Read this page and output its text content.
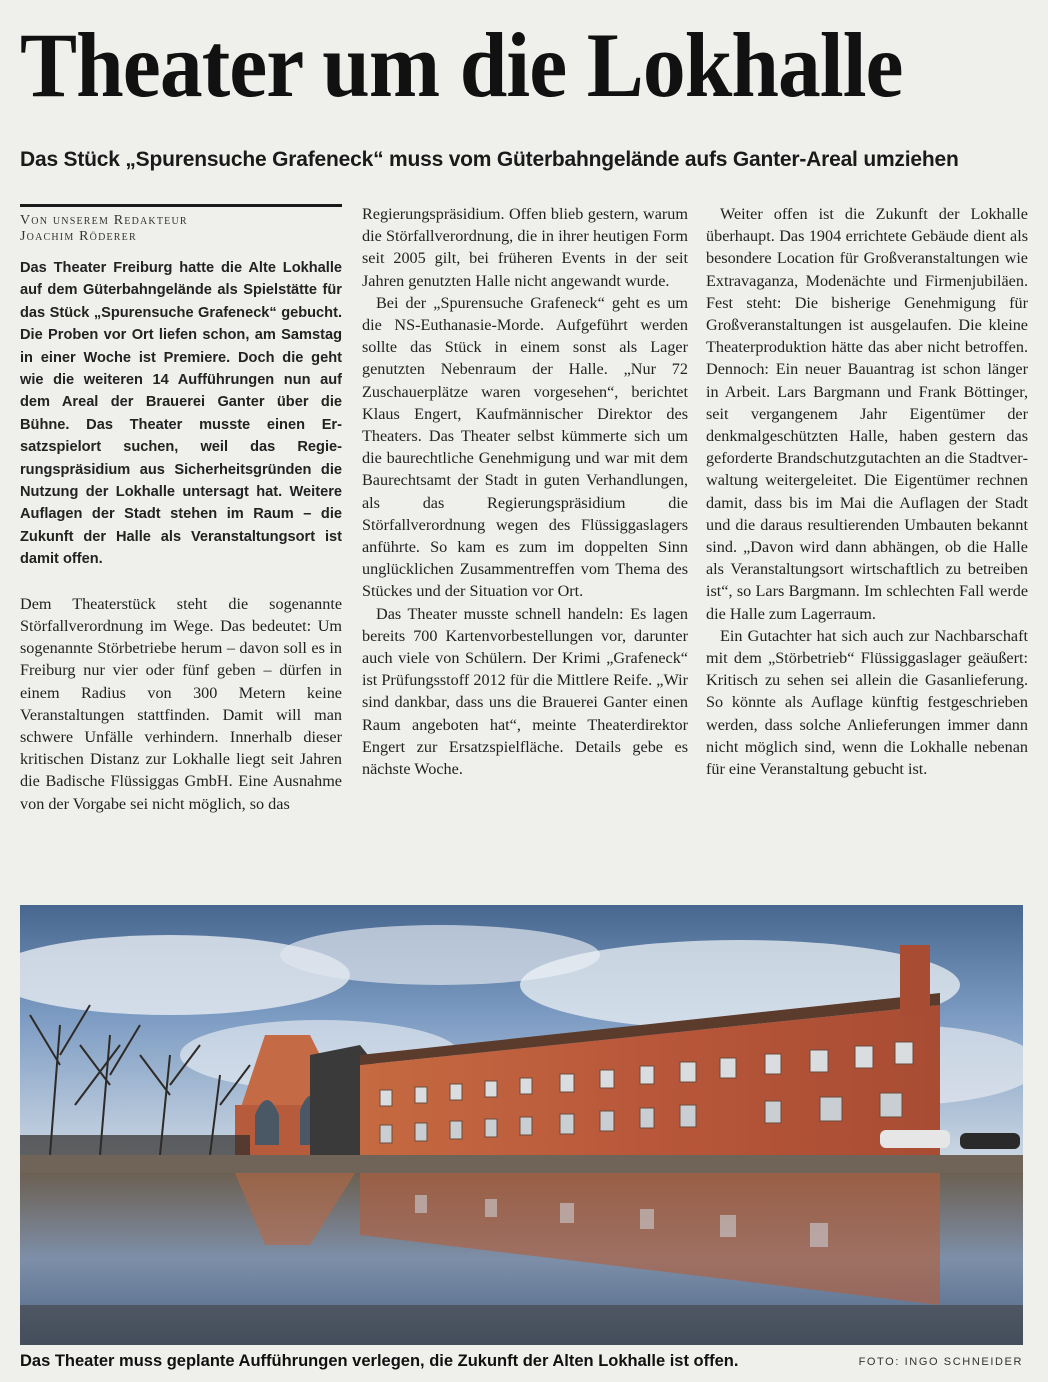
Theater um die Lokhalle
Das Stück „Spurensuche Grafeneck“ muss vom Güterbahngelände aufs Ganter-Areal umziehen
Von unserem Redakteur
Joachim Röderer

Das Theater Freiburg hatte die Alte Lokhalle auf dem Güterbahngelände als Spielstätte für das Stück „Spurensuche Grafeneck“ gebucht. Die Proben vor Ort liefen schon, am Samstag in einer Woche ist Premiere. Doch die geht wie die weiteren 14 Aufführungen nun auf dem Areal der Brauerei Ganter über die Bühne. Das Theater musste einen Ersatzspielort suchen, weil das Regierungspräsidium aus Sicherheitsgründen die Nutzung der Lokhalle untersagt hat. Weitere Auflagen der Stadt stehen im Raum – die Zukunft der Halle als Veranstaltungsort ist damit offen.

Dem Theaterstück steht die sogenannte Störfallverordnung im Wege. Das bedeutet: Um sogenannte Störbetriebe herum – davon soll es in Freiburg nur vier oder fünf geben – dürfen in einem Radius von 300 Metern keine Veranstaltungen stattfinden. Damit will man schwere Unfälle verhindern. Innerhalb dieser kritischen Distanz zur Lokhalle liegt seit Jahren die Badische Flüssiggas GmbH. Eine Ausnahme von der Vorgabe sei nicht möglich, so das

Regierungspräsidium. Offen blieb gestern, warum die Störfallverordnung, die in ihrer heutigen Form seit 2005 gilt, bei früheren Events in der seit Jahren genutzten Halle nicht angewandt wurde.

Bei der „Spurensuche Grafeneck“ geht es um die NS-Euthanasie-Morde. Aufgeführt werden sollte das Stück in einem sonst als Lager genutzten Nebenraum der Halle. „Nur 72 Zuschauerplätze waren vorgesehen“, berichtet Klaus Engert, Kaufmännischer Direktor des Theaters. Das Theater selbst kümmerte sich um die baurechtliche Genehmigung und war mit dem Baurechtsamt der Stadt in guten Verhandlungen, als das Regierungspräsidium die Störfallverordnung wegen des Flüssiggaslagers anführte. So kam es zum im doppelten Sinn unglücklichen Zusammentreffen vom Thema des Stückes und der Situation vor Ort.

Das Theater musste schnell handeln: Es lagen bereits 700 Kartenvorbestellungen vor, darunter auch viele von Schülern. Der Krimi „Grafeneck“ ist Prüfungsstoff 2012 für die Mittlere Reife. „Wir sind dankbar, dass uns die Brauerei Ganter einen Raum angeboten hat“, meinte Theaterdirektor Engert zur Ersatzspielfläche. Details gebe es nächste Woche.

Weiter offen ist die Zukunft der Lokhalle überhaupt. Das 1904 errichtete Gebäude dient als besondere Location für Großveranstaltungen wie Extravaganza, Modenächte und Firmenjubiläen. Fest steht: Die bisherige Genehmigung für Großveranstaltungen ist ausgelaufen. Die kleine Theaterproduktion hätte das aber nicht betroffen. Dennoch: Ein neuer Bauantrag ist schon länger in Arbeit. Lars Bargmann und Frank Böttinger, seit vergangenem Jahr Eigentümer der denkmalgeschützten Halle, haben gestern das geforderte Brandschutzgutachten an die Stadtverwaltung weitergeleitet. Die Eigentümer rechnen damit, dass bis im Mai die Auflagen der Stadt und die daraus resultierenden Umbauten bekannt sind. „Davon wird dann abhängen, ob die Halle als Veranstaltungsort wirtschaftlich zu betreiben ist“, so Lars Bargmann. Im schlechten Fall werde die Halle zum Lagerraum.

Ein Gutachter hat sich auch zur Nachbarschaft mit dem „Störbetrieb“ Flüssiggaslager geäußert: Kritisch zu sehen sei allein die Gasanlieferung. So könnte als Auflage künftig festgeschrieben werden, dass solche Anlieferungen immer dann nicht möglich sind, wenn die Lokhalle nebenan für eine Veranstaltung gebucht ist.

Das Theater muss geplante Aufführungen verlegen, die Zukunft der Alten Lokhalle ist offen.	FOTO: INGO SCHNEIDER
